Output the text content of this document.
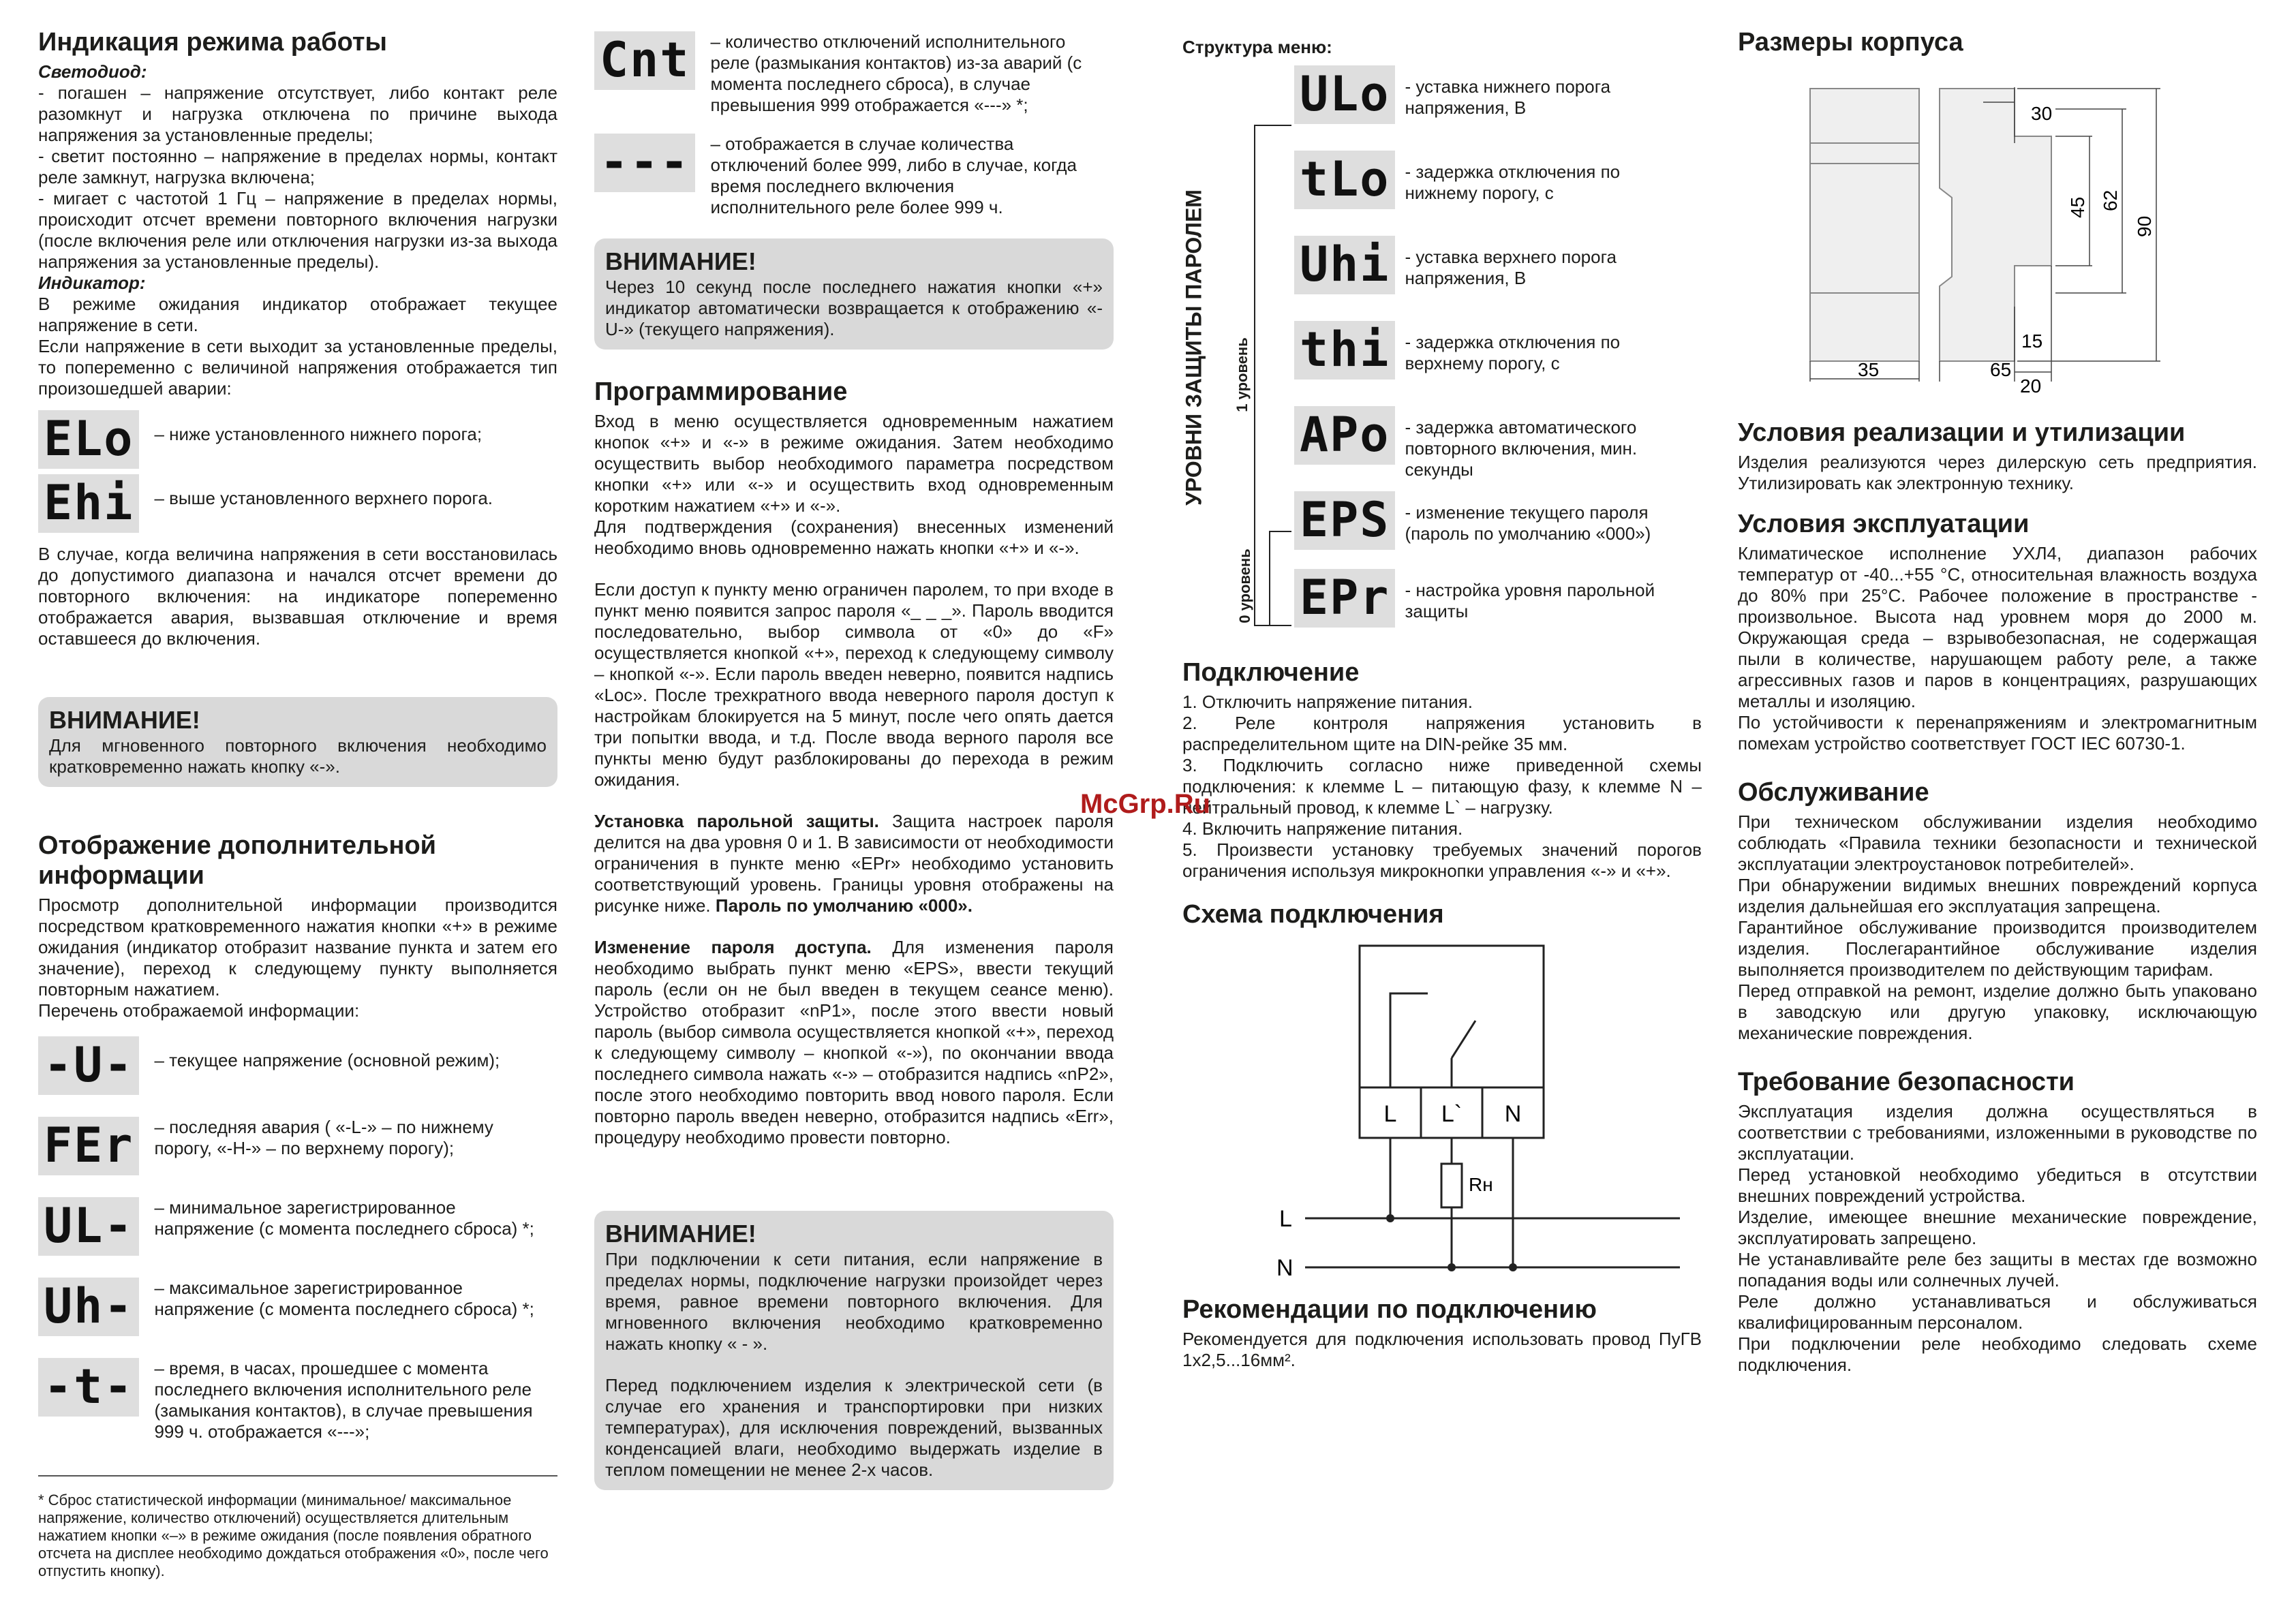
Индикация режима работы

Светодиод:

- погашен – напряжение отсутствует, либо контакт реле разомкнут и нагрузка отключена по причине выхода напряжения за установленные пределы;
- светит постоянно – напряжение в пределах нормы, контакт реле замкнут, нагрузка включена;
- мигает с частотой 1 Гц – напряжение в пределах нормы, происходит отсчет времени повторного включения нагрузки (после включения реле или отключения нагрузки из-за выхода напряжения за установленные пределы).

Индикатор:

В режиме ожидания индикатор отображает текущее напряжение в сети.
Если напряжение в сети выходит за установленные пределы, то попеременно с величиной напряжения отображается тип произошедшей аварии:

ELo	– ниже установленного нижнего порога;
Ehi	– выше установленного верхнего порога.

В случае, когда величина напряжения в сети восстановилась до допустимого диапазона и начался отсчет времени до повторного включения: на индикаторе попеременно отображается авария, вызвавшая отключение и время оставшееся до включения.

ВНИМАНИЕ!

Для мгновенного повторного включения необходимо кратковременно нажать кнопку «-».

Отображение дополнительной информации

Просмотр дополнительной информации производится посредством кратковременного нажатия кнопки «+» в режиме ожидания (индикатор отобразит название пункта и затем его значение), переход к следующему пункту выполняется повторным нажатием.
Перечень отображаемой информации:

-U-	– текущее напряжение (основной режим);
FEr	– последняя авария ( «-L-» – по нижнему порогу, «-H-» – по верхнему порогу);
UL-	– минимальное зарегистрированное напряжение (с момента последнего сброса) *;
Uh-	– максимальное зарегистрированное напряжение (с момента последнего сброса) *;
-t-	– время, в часах, прошедшее с момента последнего включения исполнительного реле (замыкания контактов), в случае превышения 999 ч. отображается «---»;

* Сброс статистической информации (минимальное/ максимальное напряжение, количество отключений) осуществляется длительным нажатием кнопки «–» в режиме ожидания (после появления обратного отсчета на дисплее необходимо дождаться отображения «0», после чего отпустить кнопку).

Cnt	– количество отключений исполнительного реле (размыкания контактов) из-за аварий (с момента последнего сброса), в случае превышения 999 отображается «---» *;
---	– отображается в случае количества отключений более 999, либо в случае, когда время последнего включения исполнительного реле более 999 ч.
ВНИМАНИЕ!

Через 10 секунд после последнего нажатия кнопки «+» индикатор автоматически возвращается к отображению «-U-» (текущего напряжения).

Программирование

Вход в меню осуществляется одновременным нажатием кнопок «+» и «-» в режиме ожидания. Затем необходимо осуществить выбор необходимого параметра посредством кнопки «+» или «-» и осуществить вход одновременным коротким нажатием «+» и «-».
Для подтверждения (сохранения) внесенных изменений необходимо вновь одновременно нажать кнопки «+» и «-».

Если доступ к пункту меню ограничен паролем, то при входе в пункт меню появится запрос пароля «_ _ _». Пароль вводится последовательно, выбор символа от «0» до «F» осуществляется кнопкой «+», переход к следующему символу – кнопкой «-». Если пароль введен неверно, появится надпись «Loc». После трехкратного ввода неверного пароля доступ к настройкам блокируется на 5 минут, после чего опять дается три попытки ввода, и т.д. После ввода верного пароля все пункты меню будут разблокированы до перехода в режим ожидания.

Установка парольной защиты. Защита настроек пароля делится на два уровня 0 и 1. В зависимости от необходимости ограничения в пункте меню «EPr» необходимо установить соответствующий уровень. Границы уровня отображены на рисунке ниже. Пароль по умолчанию «000».

Изменение пароля доступа. Для изменения пароля необходимо выбрать пункт меню «EPS», ввести текущий пароль (если он не был введен в текущем сеансе меню). Устройство отобразит «nP1», после этого ввести новый пароль (выбор символа осуществляется кнопкой «+», переход к следующему символу – кнопкой «-»), по окончании ввода последнего символа нажать «-» – отобразится надпись «nP2», после этого необходимо повторить ввод нового пароля. Если повторно пароль введен неверно, отобразится надпись «Err», процедуру необходимо провести повторно.

ВНИМАНИЕ!

При подключении к сети питания, если напряжение в пределах нормы, подключение нагрузки произойдет через время, равное времени повторного включения. Для мгновенного включения необходимо кратковременно нажать кнопку « - ».

Перед подключением изделия к электрической сети (в случае его хранения и транспортировки при низких температурах), для исключения повреждений, вызванных конденсацией влаги, необходимо выдержать изделие в теплом помещении не менее 2-х часов.

Структура меню:
УРОВНИ ЗАЩИТЫ ПАРОЛЕМ 1 уровень
0 уровень
ULo - уставка нижнего порога напряжения, В
tLo - задержка отключения по нижнему порогу, с
Uhi - уставка верхнего порога напряжения, В
thi - задержка отключения по верхнему порогу, с
APo - задержка автоматического повторного включения, мин. секунды
EPS - изменение текущего пароля (пароль по умолчанию «000»)
EPr - настройка уровня парольной защиты
Подключение

1. Отключить напряжение питания.
2. Реле контроля напряжения установить в распределительном щите на DIN-рейке 35 мм.
3. Подключить согласно ниже приведенной схемы подключения: к клемме L – питающую фазу, к клемме N – нейтральный провод, к клемме L` – нагрузку.
4. Включить напряжение питания.
5. Произвести установку требуемых значений порогов ограничения используя микрокнопки управления «-» и «+».

Схема подключения
L L` N
Rн
L
N
Рекомендации по подключению

Рекомендуется для подключения использовать провод ПуГВ 1х2,5...16мм².

McGrp.Ru
Размеры корпуса
30
45 62
90
15
20
35	65
Условия реализации и утилизации

Изделия реализуются через дилерскую сеть предприятия. Утилизировать как электронную технику.

Условия эксплуатации

Климатическое исполнение УХЛ4, диапазон рабочих температур от -40...+55 °С, относительная влажность воздуха до 80% при 25°С. Рабочее положение в пространстве - произвольное. Высота над уровнем моря до 2000 м. Окружающая среда – взрывобезопасная, не содержащая пыли в количестве, нарушающем работу реле, а также агрессивных газов и паров в концентрациях, разрушающих металлы и изоляцию.
По устойчивости к перенапряжениям и электромагнитным помехам устройство соответствует ГОСТ IEC 60730-1.

Обслуживание

При техническом обслуживании изделия необходимо соблюдать «Правила техники безопасности и технической эксплуатации электроустановок потребителей».
При обнаружении видимых внешних повреждений корпуса изделия дальнейшая его эксплуатация запрещена.
Гарантийное обслуживание производится производителем изделия. Послегарантийное обслуживание изделия выполняется производителем по действующим тарифам.
Перед отправкой на ремонт, изделие должно быть упаковано в заводскую или другую упаковку, исключающую механические повреждения.

Требование безопасности

Эксплуатация изделия должна осуществляться в соответствии с требованиями, изложенными в руководстве по эксплуатации.
Перед установкой необходимо убедиться в отсутствии внешних повреждений устройства.
Изделие, имеющее внешние механические повреждение, эксплуатировать запрещено.
Не устанавливайте реле без защиты в местах где возможно попадания воды или солнечных лучей.
Реле должно устанавливаться и обслуживаться квалифицированным персоналом.
При подключении реле необходимо следовать схеме подключения.
